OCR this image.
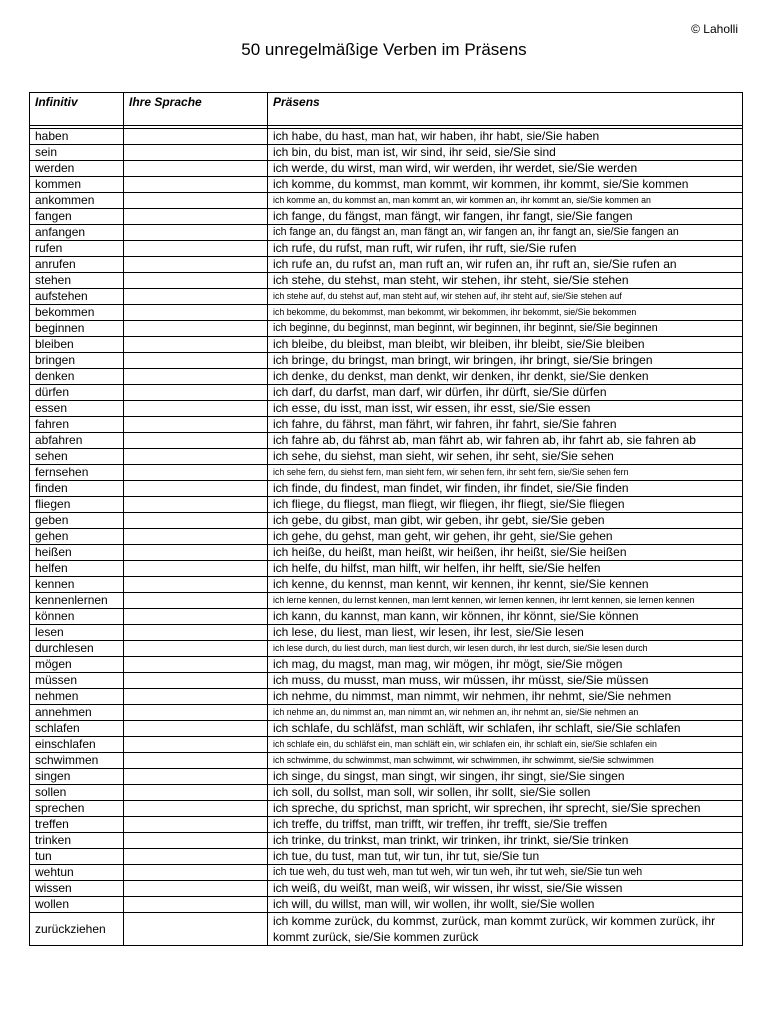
© Laholli
50 unregelmäßige Verben im Präsens
Infinitiv	Ihre Sprache	Präsens

haben		ich habe, du hast, man hat, wir haben, ihr habt, sie/Sie haben
sein		ich bin, du bist, man ist, wir sind, ihr seid, sie/Sie sind
werden		ich werde, du wirst, man wird, wir werden, ihr werdet, sie/Sie werden
kommen		ich komme, du kommst, man kommt, wir kommen, ihr kommt, sie/Sie kommen
ankommen		ich komme an, du kommst an, man kommt an, wir kommen an, ihr kommt an, sie/Sie kommen an
fangen		ich fange, du fängst, man fängt, wir fangen, ihr fangt, sie/Sie fangen
anfangen		ich fange an, du fängst an, man fängt an, wir fangen an, ihr fangt an, sie/Sie fangen an
rufen		ich rufe, du rufst, man ruft, wir rufen, ihr ruft, sie/Sie rufen
anrufen		ich rufe an, du rufst an, man ruft an, wir rufen an, ihr ruft an, sie/Sie rufen an
stehen		ich stehe, du stehst, man steht, wir stehen, ihr steht, sie/Sie stehen
aufstehen		ich stehe auf, du stehst auf, man steht auf, wir stehen auf, ihr steht auf, sie/Sie stehen auf
bekommen		ich bekomme, du bekommst, man bekommt, wir bekommen, ihr bekommt, sie/Sie bekommen
beginnen		ich beginne, du beginnst, man beginnt, wir beginnen, ihr beginnt, sie/Sie beginnen
bleiben		ich bleibe, du bleibst, man bleibt, wir bleiben, ihr bleibt, sie/Sie bleiben
bringen		ich bringe, du bringst, man bringt, wir bringen, ihr bringt, sie/Sie bringen
denken		ich denke, du denkst, man denkt, wir denken, ihr denkt, sie/Sie denken
dürfen		ich darf, du darfst, man darf, wir dürfen, ihr dürft, sie/Sie dürfen
essen		ich esse, du isst, man isst, wir essen, ihr esst, sie/Sie essen
fahren		ich fahre, du fährst, man fährt, wir fahren, ihr fahrt, sie/Sie fahren
abfahren		ich fahre ab, du fährst ab, man fährt ab, wir fahren ab, ihr fahrt ab, sie fahren ab
sehen		ich sehe, du siehst, man sieht, wir sehen, ihr seht, sie/Sie sehen
fernsehen		ich sehe fern, du siehst fern, man sieht fern, wir sehen fern, ihr seht fern, sie/Sie sehen fern
finden		ich finde, du findest, man findet, wir finden, ihr findet, sie/Sie finden
fliegen		ich fliege, du fliegst, man fliegt, wir fliegen, ihr fliegt, sie/Sie fliegen
geben		ich gebe, du gibst, man gibt, wir geben, ihr gebt, sie/Sie geben
gehen		ich gehe, du gehst, man geht, wir gehen, ihr geht, sie/Sie gehen
heißen		ich heiße, du heißt, man heißt, wir heißen, ihr heißt, sie/Sie heißen
helfen		ich helfe, du hilfst, man hilft, wir helfen, ihr helft, sie/Sie helfen
kennen		ich kenne, du kennst, man kennt, wir kennen, ihr kennt, sie/Sie kennen
kennenlernen		ich lerne kennen, du lernst kennen, man lernt kennen, wir lernen kennen, ihr lernt kennen, sie lernen kennen
können		ich kann, du kannst, man kann, wir können, ihr könnt, sie/Sie können
lesen		ich lese, du liest, man liest, wir lesen, ihr lest, sie/Sie lesen
durchlesen		ich lese durch, du liest durch, man liest durch, wir lesen durch, ihr lest durch, sie/Sie lesen durch
mögen		ich mag, du magst, man mag, wir mögen, ihr mögt, sie/Sie mögen
müssen		ich muss, du musst, man muss, wir müssen, ihr müsst, sie/Sie müssen
nehmen		ich nehme, du nimmst, man nimmt, wir nehmen, ihr nehmt, sie/Sie nehmen
annehmen		ich nehme an, du nimmst an, man nimmt an, wir nehmen an, ihr nehmt an, sie/Sie nehmen an
schlafen		ich schlafe, du schläfst, man schläft, wir schlafen, ihr schlaft, sie/Sie schlafen
einschlafen		ich schlafe ein, du schläfst ein, man schläft ein, wir schlafen ein, ihr schlaft ein, sie/Sie schlafen ein
schwimmen		ich schwimme, du schwimmst, man schwimmt, wir schwimmen, ihr schwimmt, sie/Sie schwimmen
singen		ich singe, du singst, man singt, wir singen, ihr singt, sie/Sie singen
sollen		ich soll, du sollst, man soll, wir sollen, ihr sollt, sie/Sie sollen
sprechen		ich spreche, du sprichst, man spricht, wir sprechen, ihr sprecht, sie/Sie sprechen
treffen		ich treffe, du triffst, man trifft, wir treffen, ihr trefft, sie/Sie treffen
trinken		ich trinke, du trinkst, man trinkt, wir trinken, ihr trinkt, sie/Sie trinken
tun		ich tue, du tust, man tut, wir tun, ihr tut, sie/Sie tun
wehtun		ich tue weh, du tust weh, man tut weh, wir tun weh, ihr tut weh, sie/Sie tun weh
wissen		ich weiß, du weißt, man weiß, wir wissen, ihr wisst, sie/Sie wissen
wollen		ich will, du willst, man will, wir wollen, ihr wollt, sie/Sie wollen
zurückziehen		ich komme zurück, du kommst, zurück, man kommt zurück, wir kommen zurück, ihr kommt zurück, sie/Sie kommen zurück
